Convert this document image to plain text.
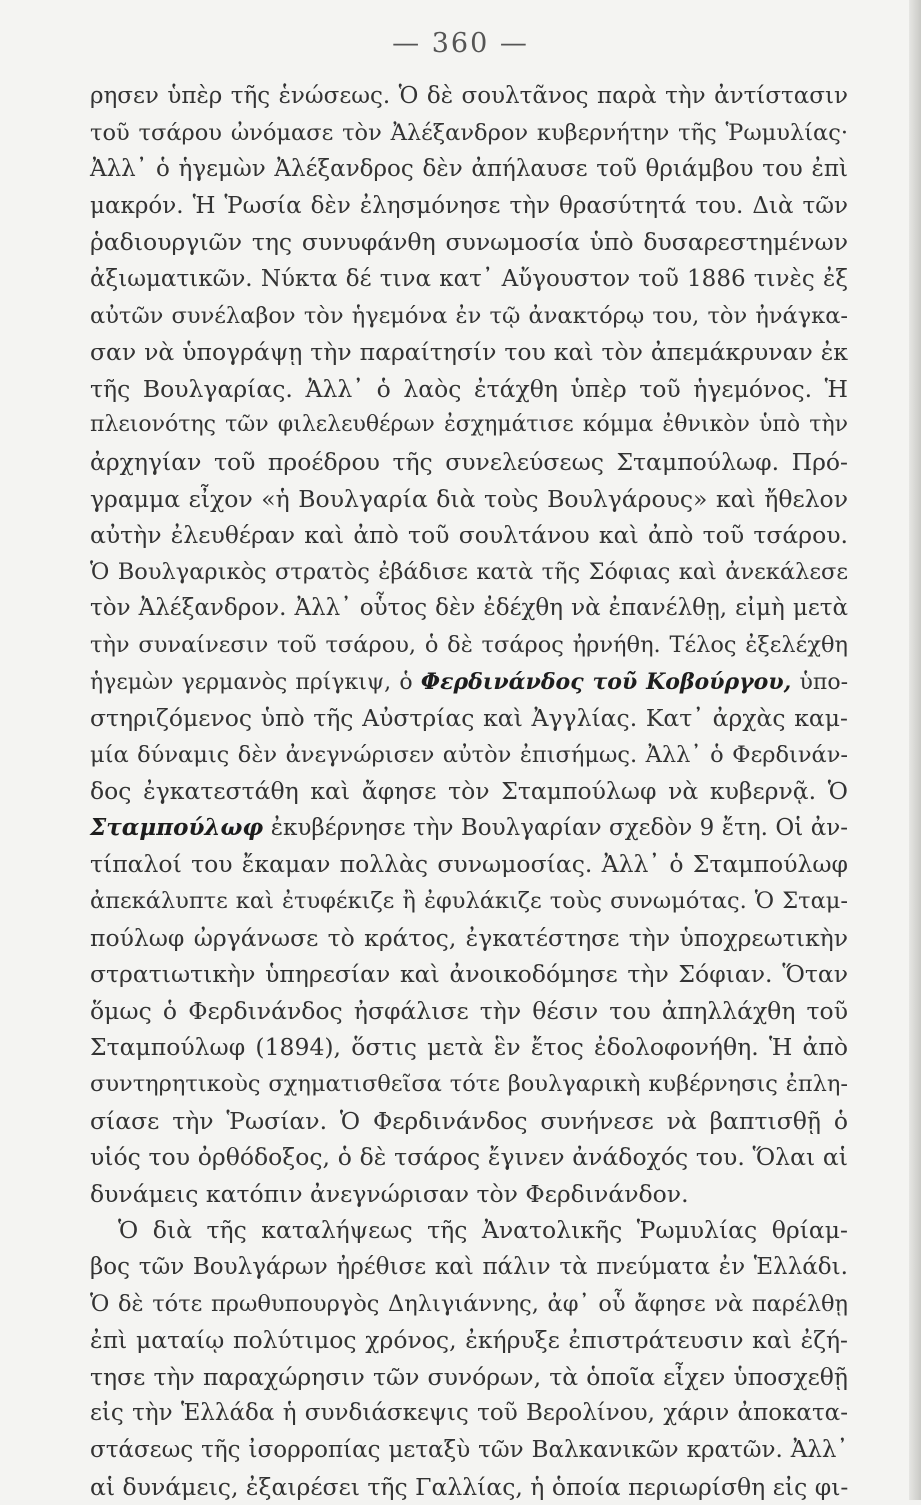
— 360 —
ρησεν ὑπὲρ τῆς ἑνώσεως. Ὁ δὲ σουλτᾶνος παρὰ τὴν ἀντίστασιν
τοῦ τσάρου ὠνόμασε τὸν Ἀλέξανδρον κυβερνήτην τῆς Ῥωμυλίας·
Ἀλλ᾽ ὁ ἡγεμὼν Ἀλέξανδρος δὲν ἀπήλαυσε τοῦ θριάμβου του ἐπὶ
μακρόν. Ἡ Ῥωσία δὲν ἐλησμόνησε τὴν θρασύτητά του. Διὰ τῶν
ῥαδιουργιῶν της συνυφάνθη συνωμοσία ὑπὸ δυσαρεστημένων
ἀξιωματικῶν. Νύκτα δέ τινα κατ᾽ Αὔγουστον τοῦ 1886 τινὲς ἐξ
αὐτῶν συνέλαβον τὸν ἡγεμόνα ἐν τῷ ἀνακτόρῳ του, τὸν ἠνάγκα-
σαν νὰ ὑπογράψῃ τὴν παραίτησίν του καὶ τὸν ἀπεμάκρυναν ἐκ
τῆς Βουλγαρίας. Ἀλλ᾽ ὁ λαὸς ἐτάχθη ὑπὲρ τοῦ ἡγεμόνος. Ἡ
πλειονότης τῶν φιλελευθέρων ἐσχημάτισε κόμμα ἐθνικὸν ὑπὸ τὴν
ἀρχηγίαν τοῦ προέδρου τῆς συνελεύσεως Σταμπούλωφ. Πρό-
γραμμα εἶχον «ἡ Βουλγαρία διὰ τοὺς Βουλγάρους» καὶ ἤθελον
αὐτὴν ἐλευθέραν καὶ ἀπὸ τοῦ σουλτάνου καὶ ἀπὸ τοῦ τσάρου.
Ὁ Βουλγαρικὸς στρατὸς ἐβάδισε κατὰ τῆς Σόφιας καὶ ἀνεκάλεσε
τὸν Ἀλέξανδρον. Ἀλλ᾽ οὗτος δὲν ἐδέχθη νὰ ἐπανέλθῃ, εἰμὴ μετὰ
τὴν συναίνεσιν τοῦ τσάρου, ὁ δὲ τσάρος ἠρνήθη. Τέλος ἐξελέχθη
ἡγεμὼν γερμανὸς πρίγκιψ, ὁ Φερδινάνδος τοῦ Κοβούργου, ὑπο-
στηριζόμενος ὑπὸ τῆς Αὐστρίας καὶ Ἀγγλίας. Κατ᾽ ἀρχὰς καμ-
μία δύναμις δὲν ἀνεγνώρισεν αὐτὸν ἐπισήμως. Ἀλλ᾽ ὁ Φερδινάν-
δος ἐγκατεστάθη καὶ ἄφησε τὸν Σταμπούλωφ νὰ κυβερνᾷ. Ὁ
Σταμπούλωφ ἐκυβέρνησε τὴν Βουλγαρίαν σχεδὸν 9 ἔτη. Οἱ ἀν-
τίπαλοί του ἔκαμαν πολλὰς συνωμοσίας. Ἀλλ᾽ ὁ Σταμπούλωφ
ἀπεκάλυπτε καὶ ἐτυφέκιζε ἢ ἐφυλάκιζε τοὺς συνωμότας. Ὁ Σταμ-
πούλωφ ὠργάνωσε τὸ κράτος, ἐγκατέστησε τὴν ὑποχρεωτικὴν
στρατιωτικὴν ὑπηρεσίαν καὶ ἀνοικοδόμησε τὴν Σόφιαν. Ὅταν
ὅμως ὁ Φερδινάνδος ἠσφάλισε τὴν θέσιν του ἀπηλλάχθη τοῦ
Σταμπούλωφ (1894), ὅστις μετὰ ἓν ἔτος ἐδολοφονήθη. Ἡ ἀπὸ
συντηρητικοὺς σχηματισθεῖσα τότε βουλγαρικὴ κυβέρνησις ἐπλη-
σίασε τὴν Ῥωσίαν. Ὁ Φερδινάνδος συνήνεσε νὰ βαπτισθῇ ὁ
υἱός του ὀρθόδοξος, ὁ δὲ τσάρος ἔγινεν ἀνάδοχός του. Ὅλαι αἱ
δυνάμεις κατόπιν ἀνεγνώρισαν τὸν Φερδινάνδον.
Ὁ διὰ τῆς καταλήψεως τῆς Ἀνατολικῆς Ῥωμυλίας θρίαμ-
βος τῶν Βουλγάρων ἠρέθισε καὶ πάλιν τὰ πνεύματα ἐν Ἑλλάδι.
Ὁ δὲ τότε πρωθυπουργὸς Δηλιγιάννης, ἀφ᾽ οὗ ἄφησε νὰ παρέλθῃ
ἐπὶ ματαίῳ πολύτιμος χρόνος, ἐκήρυξε ἐπιστράτευσιν καὶ ἐζή-
τησε τὴν παραχώρησιν τῶν συνόρων, τὰ ὁποῖα εἶχεν ὑποσχεθῇ
εἰς τὴν Ἑλλάδα ἡ συνδιάσκεψις τοῦ Βερολίνου, χάριν ἀποκατα-
στάσεως τῆς ἰσορροπίας μεταξὺ τῶν Βαλκανικῶν κρατῶν. Ἀλλ᾽
αἱ δυνάμεις, ἐξαιρέσει τῆς Γαλλίας, ἡ ὁποία περιωρίσθη εἰς φι-
